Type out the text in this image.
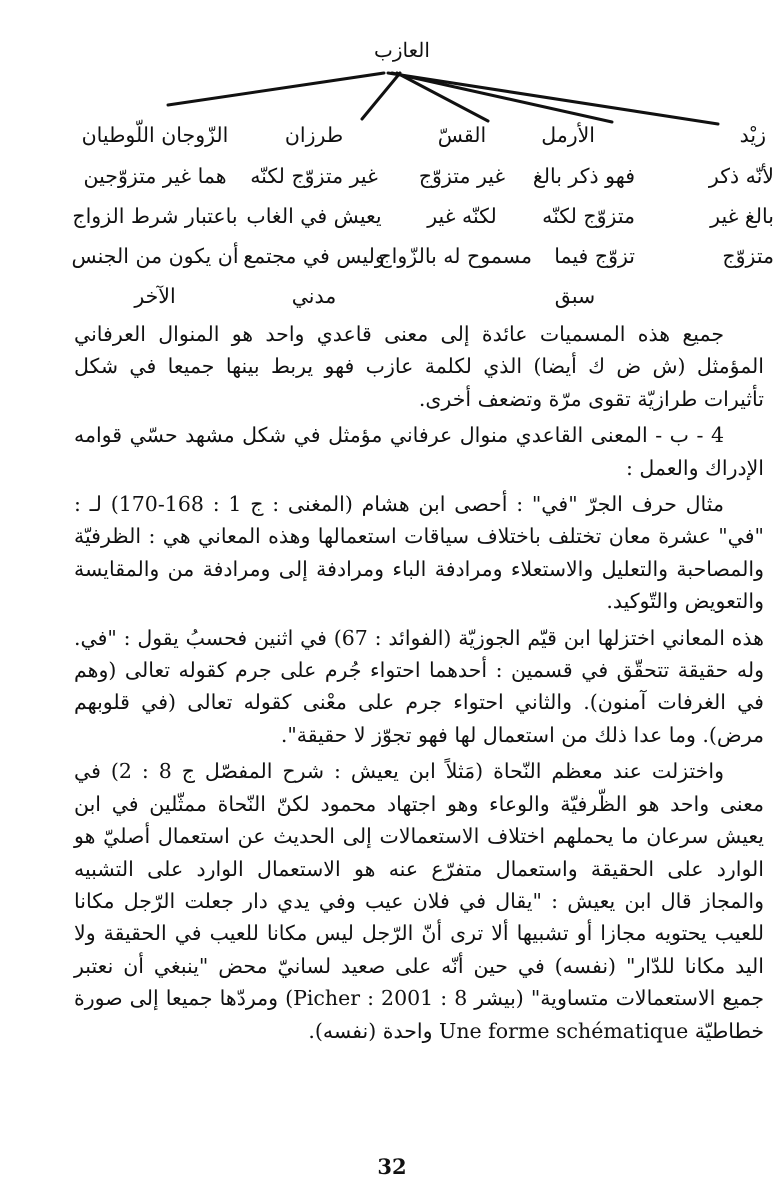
العازب
زيْد
لأنّه ذكر
بالغ غير
متزوّج
الأرمل
فهو ذكر بالغ
متزوّج لكنّه
تزوّج فيما
سبق
القسّ
غير متزوّج
لكنّه غير
مسموح له بالزّواج
طرزان
غير متزوّج لكنّه
يعيش في الغاب
وليس في مجتمع
مدني
الزّوجان اللّوطيان
هما غير متزوّجين
باعتبار شرط الزواج
أن يكون من الجنس
الآخر

جميع هذه المسميات عائدة إلى معنى قاعدي واحد هو المنوال العرفاني المؤمثل (ش ض ك أيضا) الذي لكلمة عازب فهو يربط بينها جميعا في شكل تأثيرات طرازيّة تقوى مرّة وتضعف أخرى.

4 - ب - المعنى القاعدي منوال عرفاني مؤمثل في شكل مشهد حسّي قوامه الإدراك والعمل :

مثال حرف الجرّ "في" : أحصى ابن هشام (المغنى : ج 1 : 168-170) لـ : "في" عشرة معان تختلف باختلاف سياقات استعمالها وهذه المعاني هي : الظرفيّة والمصاحبة والتعليل والاستعلاء ومرادفة الباء ومرادفة إلى ومرادفة من والمقايسة والتعويض والتّوكيد.

هذه المعاني اختزلها ابن قيّم الجوزيّة (الفوائد : 67) في اثنين فحسبُ يقول : "في. وله حقيقة تتحقّق في قسمين : أحدهما احتواء جُرم على جرم كقوله تعالى (وهم في الغرفات آمنون). والثاني احتواء جرم على معْنى كقوله تعالى (في قلوبهم مرض). وما عدا ذلك من استعمال لها فهو تجوّز لا حقيقة".

واختزلت عند معظم النّحاة (مَثلاً ابن يعيش : شرح المفصّل ج 8 : 2) في معنى واحد هو الظّرفيّة والوعاء وهو اجتهاد محمود لكنّ النّحاة ممثّلين في ابن يعيش سرعان ما يحملهم اختلاف الاستعمالات إلى الحديث عن استعمال أصليّ هو الوارد على الحقيقة واستعمال متفرّع عنه هو الاستعمال الوارد على التشبيه والمجاز قال ابن يعيش : "يقال في فلان عيب وفي يدي دار جعلت الرّجل مكانا للعيب يحتويه مجازا أو تشبيها ألا ترى أنّ الرّجل ليس مكانا للعيب في الحقيقة ولا اليد مكانا للدّار" (نفسه) في حين أنّه على صعيد لسانيّ محض "ينبغي أن نعتبر جميع الاستعمالات متساوية" (بيشر Picher : 2001 : 8) ومردّها جميعا إلى صورة خطاطيّة Une forme schématique واحدة (نفسه).

32
